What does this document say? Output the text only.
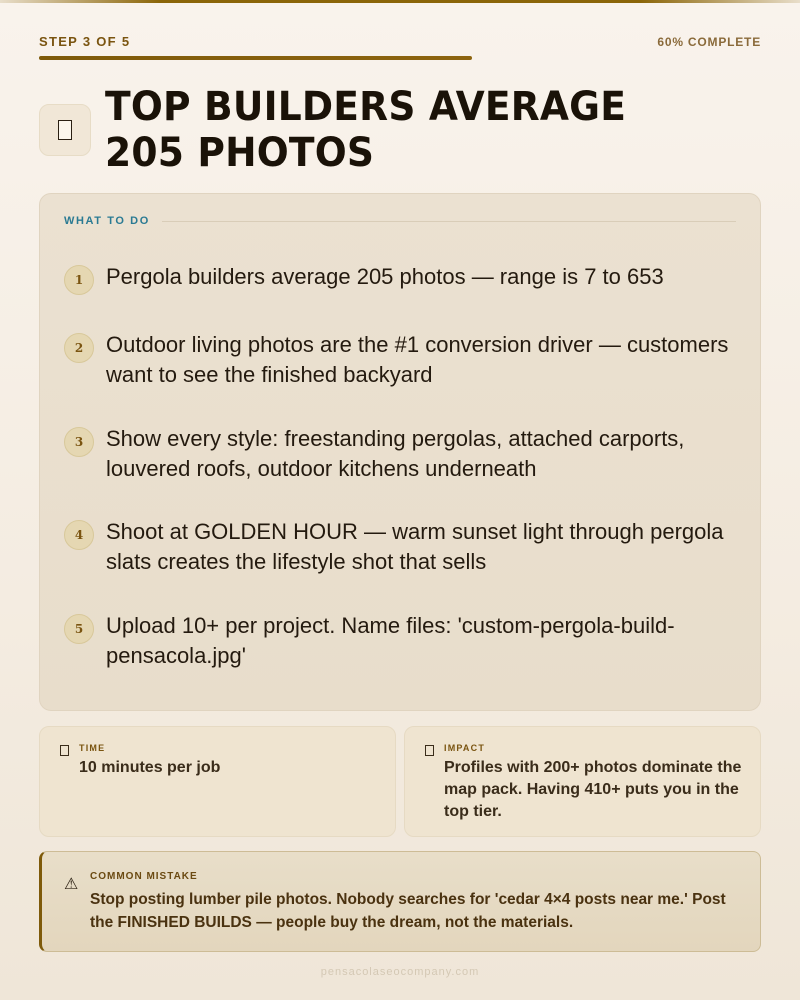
STEP 3 OF 5	60% COMPLETE
TOP BUILDERS AVERAGE 205 PHOTOS
WHAT TO DO
1	Pergola builders average 205 photos — range is 7 to 653
2	Outdoor living photos are the #1 conversion driver — customers want to see the finished backyard
3	Show every style: freestanding pergolas, attached carports, louvered roofs, outdoor kitchens underneath
4	Shoot at GOLDEN HOUR — warm sunset light through pergola slats creates the lifestyle shot that sells
5	Upload 10+ per project. Name files: 'custom-pergola-build-pensacola.jpg'
TIME
10 minutes per job
IMPACT
Profiles with 200+ photos dominate the map pack. Having 410+ puts you in the top tier.
⚠ COMMON MISTAKE
Stop posting lumber pile photos. Nobody searches for 'cedar 4×4 posts near me.' Post the FINISHED BUILDS — people buy the dream, not the materials.
pensacolaseocompany.com
